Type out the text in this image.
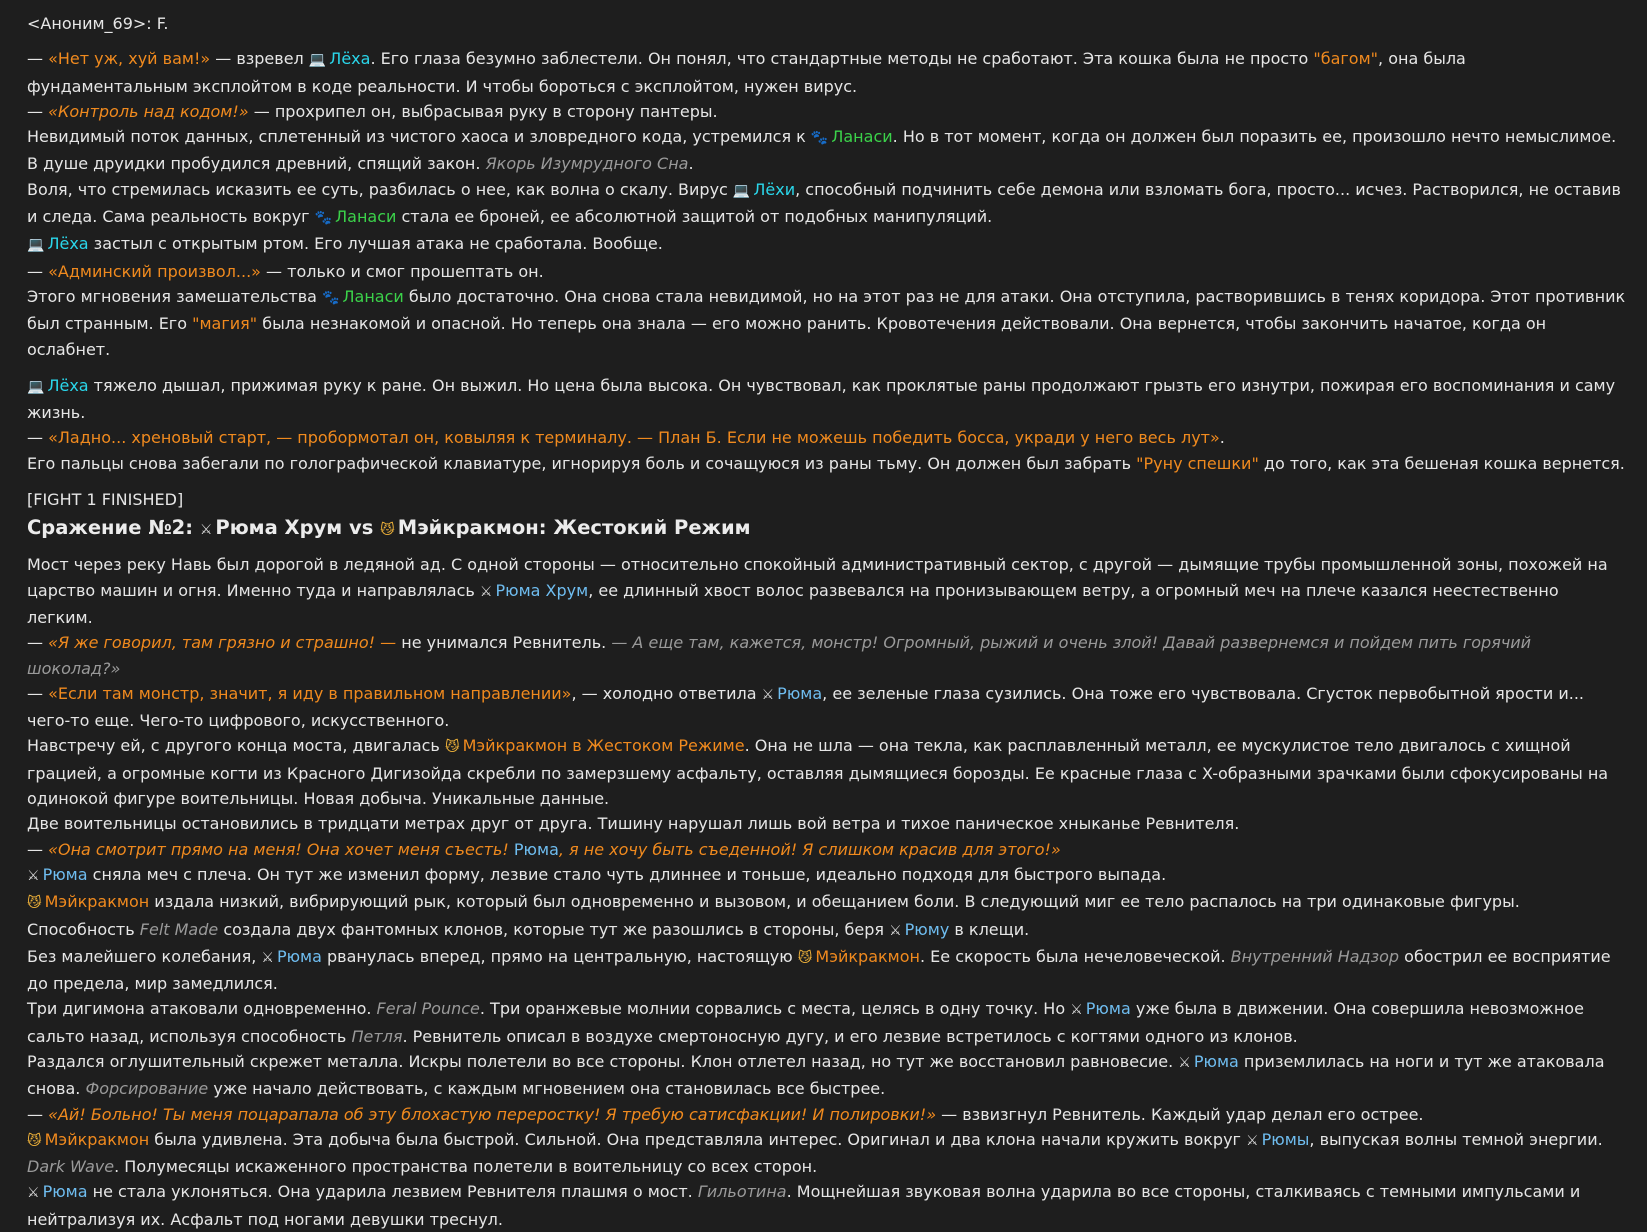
<Аноним_69>: F.

— «Нет уж, хуй вам!» — взревел 💻 Лёха. Его глаза безумно заблестели. Он понял, что стандартные методы не сработают. Эта кошка была не просто "багом", она была фундаментальным эксплойтом в коде реальности. И чтобы бороться с эксплойтом, нужен вирус.

— «Контроль над кодом!» — прохрипел он, выбрасывая руку в сторону пантеры.

Невидимый поток данных, сплетенный из чистого хаоса и зловредного кода, устремился к 🐾 Ланаси. Но в тот момент, когда он должен был поразить ее, произошло нечто немыслимое.

В душе друидки пробудился древний, спящий закон. Якорь Изумрудного Сна.

Воля, что стремилась исказить ее суть, разбилась о нее, как волна о скалу. Вирус 💻 Лёхи, способный подчинить себе демона или взломать бога, просто... исчез. Растворился, не оставив и следа. Сама реальность вокруг 🐾 Ланаси стала ее броней, ее абсолютной защитой от подобных манипуляций.

💻 Лёха застыл с открытым ртом. Его лучшая атака не сработала. Вообще.

— «Админский произвол...» — только и смог прошептать он.

Этого мгновения замешательства 🐾 Ланаси было достаточно. Она снова стала невидимой, но на этот раз не для атаки. Она отступила, растворившись в тенях коридора. Этот противник был странным. Его "магия" была незнакомой и опасной. Но теперь она знала — его можно ранить. Кровотечения действовали. Она вернется, чтобы закончить начатое, когда он ослабнет.

💻 Лёха тяжело дышал, прижимая руку к ране. Он выжил. Но цена была высока. Он чувствовал, как проклятые раны продолжают грызть его изнутри, пожирая его воспоминания и саму жизнь.

— «Ладно... хреновый старт, — пробормотал он, ковыляя к терминалу. — План Б. Если не можешь победить босса, укради у него весь лут».

Его пальцы снова забегали по голографической клавиатуре, игнорируя боль и сочащуюся из раны тьму. Он должен был забрать "Руну спешки" до того, как эта бешеная кошка вернется.

[FIGHT 1 FINISHED]

Сражение №2: ⚔ Рюма Хрум vs 😼 Мэйкракмон: Жестокий Режим

Мост через реку Навь был дорогой в ледяной ад. С одной стороны — относительно спокойный административный сектор, с другой — дымящие трубы промышленной зоны, похожей на царство машин и огня. Именно туда и направлялась ⚔ Рюма Хрум, ее длинный хвост волос развевался на пронизывающем ветру, а огромный меч на плече казался неестественно легким.

— «Я же говорил, там грязно и страшно! — не унимался Ревнитель. — А еще там, кажется, монстр! Огромный, рыжий и очень злой! Давай развернемся и пойдем пить горячий шоколад?»

— «Если там монстр, значит, я иду в правильном направлении», — холодно ответила ⚔ Рюма, ее зеленые глаза сузились. Она тоже его чувствовала. Сгусток первобытной ярости и... чего-то еще. Чего-то цифрового, искусственного.

Навстречу ей, с другого конца моста, двигалась 😼 Мэйкракмон в Жестоком Режиме. Она не шла — она текла, как расплавленный металл, ее мускулистое тело двигалось с хищной грацией, а огромные когти из Красного Дигизойда скребли по замерзшему асфальту, оставляя дымящиеся борозды. Ее красные глаза с X-образными зрачками были сфокусированы на одинокой фигуре воительницы. Новая добыча. Уникальные данные.

Две воительницы остановились в тридцати метрах друг от друга. Тишину нарушал лишь вой ветра и тихое паническое хныканье Ревнителя.

— «Она смотрит прямо на меня! Она хочет меня съесть! Рюма, я не хочу быть съеденной! Я слишком красив для этого!»

⚔ Рюма сняла меч с плеча. Он тут же изменил форму, лезвие стало чуть длиннее и тоньше, идеально подходя для быстрого выпада.

😼 Мэйкракмон издала низкий, вибрирующий рык, который был одновременно и вызовом, и обещанием боли. В следующий миг ее тело распалось на три одинаковые фигуры.

Способность Felt Made создала двух фантомных клонов, которые тут же разошлись в стороны, беря ⚔ Рюму в клещи.

Без малейшего колебания, ⚔ Рюма рванулась вперед, прямо на центральную, настоящую 😼 Мэйкракмон. Ее скорость была нечеловеческой. Внутренний Надзор обострил ее восприятие до предела, мир замедлился.

Три дигимона атаковали одновременно. Feral Pounce. Три оранжевые молнии сорвались с места, целясь в одну точку. Но ⚔ Рюма уже была в движении. Она совершила невозможное сальто назад, используя способность Петля. Ревнитель описал в воздухе смертоносную дугу, и его лезвие встретилось с когтями одного из клонов.

Раздался оглушительный скрежет металла. Искры полетели во все стороны. Клон отлетел назад, но тут же восстановил равновесие. ⚔ Рюма приземлилась на ноги и тут же атаковала снова. Форсирование уже начало действовать, с каждым мгновением она становилась все быстрее.

— «Ай! Больно! Ты меня поцарапала об эту блохастую переростку! Я требую сатисфакции! И полировки!» — взвизгнул Ревнитель. Каждый удар делал его острее.

😼 Мэйкракмон была удивлена. Эта добыча была быстрой. Сильной. Она представляла интерес. Оригинал и два клона начали кружить вокруг ⚔ Рюмы, выпуская волны темной энергии.

Dark Wave. Полумесяцы искаженного пространства полетели в воительницу со всех сторон.

⚔ Рюма не стала уклоняться. Она ударила лезвием Ревнителя плашмя о мост. Гильотина. Мощнейшая звуковая волна ударила во все стороны, сталкиваясь с темными импульсами и нейтрализуя их. Асфальт под ногами девушки треснул.
